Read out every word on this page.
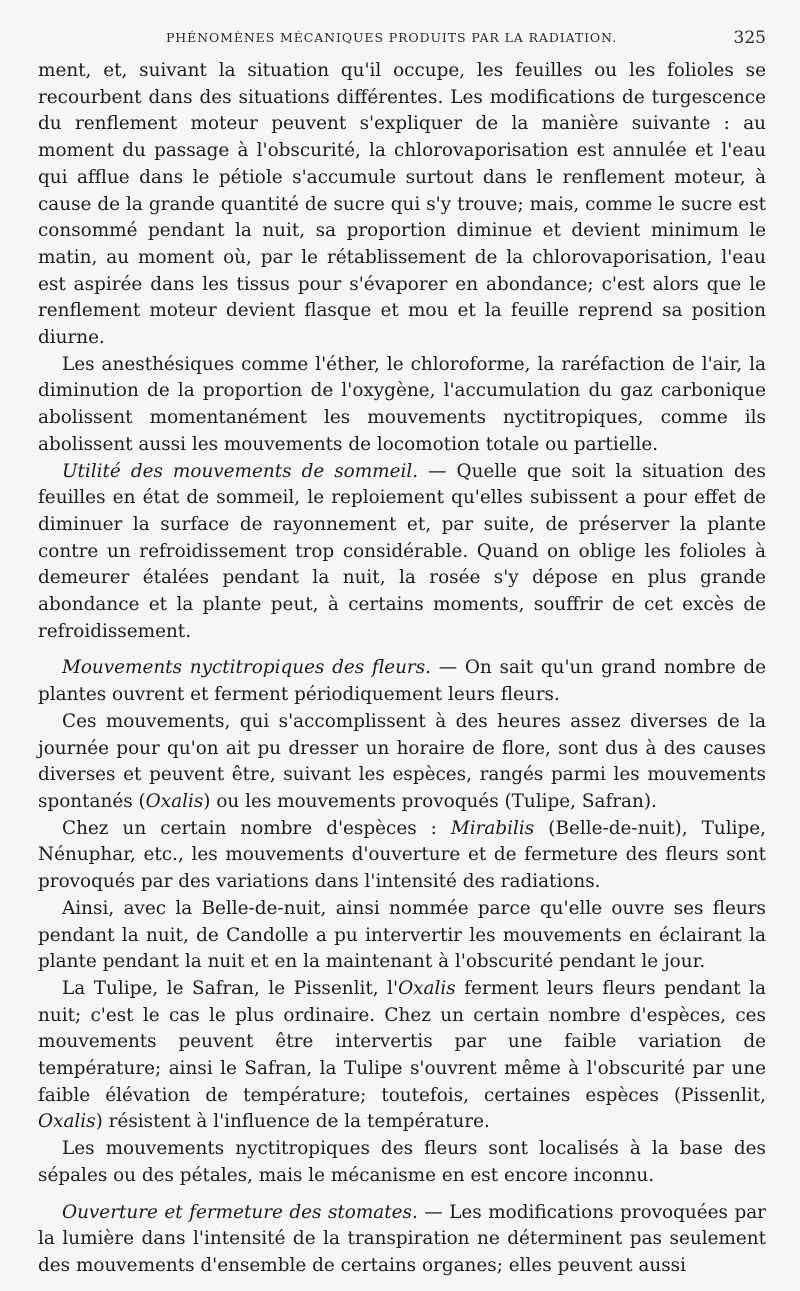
PHÉNOMÈNES MÉCANIQUES PRODUITS PAR LA RADIATION.	325

ment, et, suivant la situation qu'il occupe, les feuilles ou les folioles se recourbent dans des situations différentes. Les modifications de turgescence du renflement moteur peuvent s'expliquer de la manière suivante : au moment du passage à l'obscurité, la chlorovaporisation est annulée et l'eau qui afflue dans le pétiole s'accumule surtout dans le renflement moteur, à cause de la grande quantité de sucre qui s'y trouve; mais, comme le sucre est consommé pendant la nuit, sa proportion diminue et devient minimum le matin, au moment où, par le rétablissement de la chlorovaporisation, l'eau est aspirée dans les tissus pour s'évaporer en abondance; c'est alors que le renflement moteur devient flasque et mou et la feuille reprend sa position diurne.

Les anesthésiques comme l'éther, le chloroforme, la raréfaction de l'air, la diminution de la proportion de l'oxygène, l'accumulation du gaz carbonique abolissent momentanément les mouvements nyctitropiques, comme ils abolissent aussi les mouvements de locomotion totale ou partielle.

Utilité des mouvements de sommeil. — Quelle que soit la situation des feuilles en état de sommeil, le reploiement qu'elles subissent a pour effet de diminuer la surface de rayonnement et, par suite, de préserver la plante contre un refroidissement trop considérable. Quand on oblige les folioles à demeurer étalées pendant la nuit, la rosée s'y dépose en plus grande abondance et la plante peut, à certains moments, souffrir de cet excès de refroidissement.

Mouvements nyctitropiques des fleurs. — On sait qu'un grand nombre de plantes ouvrent et ferment périodiquement leurs fleurs.

Ces mouvements, qui s'accomplissent à des heures assez diverses de la journée pour qu'on ait pu dresser un horaire de flore, sont dus à des causes diverses et peuvent être, suivant les espèces, rangés parmi les mouvements spontanés (Oxalis) ou les mouvements provoqués (Tulipe, Safran).

Chez un certain nombre d'espèces : Mirabilis (Belle-de-nuit), Tulipe, Nénuphar, etc., les mouvements d'ouverture et de fermeture des fleurs sont provoqués par des variations dans l'intensité des radiations.

Ainsi, avec la Belle-de-nuit, ainsi nommée parce qu'elle ouvre ses fleurs pendant la nuit, de Candolle a pu intervertir les mouvements en éclairant la plante pendant la nuit et en la maintenant à l'obscurité pendant le jour.

La Tulipe, le Safran, le Pissenlit, l'Oxalis ferment leurs fleurs pendant la nuit; c'est le cas le plus ordinaire. Chez un certain nombre d'espèces, ces mouvements peuvent être intervertis par une faible variation de température; ainsi le Safran, la Tulipe s'ouvrent même à l'obscurité par une faible élévation de température; toutefois, certaines espèces (Pissenlit, Oxalis) résistent à l'influence de la température.

Les mouvements nyctitropiques des fleurs sont localisés à la base des sépales ou des pétales, mais le mécanisme en est encore inconnu.

Ouverture et fermeture des stomates. — Les modifications provoquées par la lumière dans l'intensité de la transpiration ne déterminent pas seulement des mouvements d'ensemble de certains organes; elles peuvent aussi
